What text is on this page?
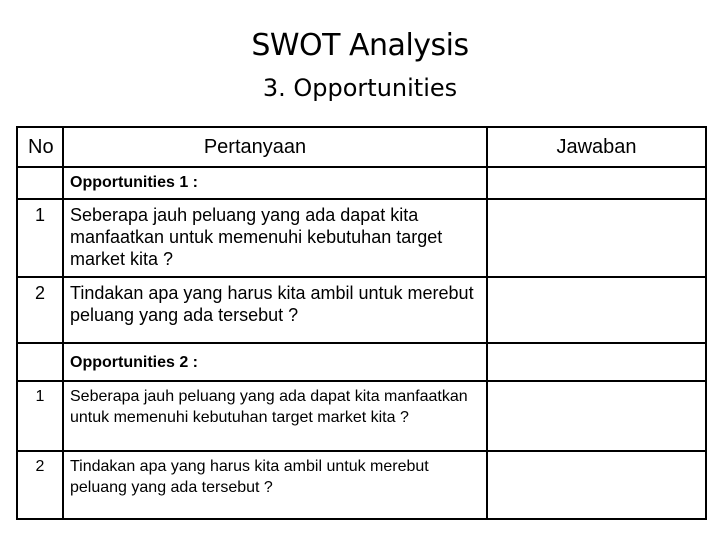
SWOT Analysis
3. Opportunities
No	Pertanyaan	Jawaban
	Opportunities 1 :	
1	Seberapa jauh peluang yang ada dapat kita manfaatkan untuk memenuhi kebutuhan target market kita ?	
2	Tindakan apa yang harus kita ambil untuk merebut peluang yang ada tersebut ?	
	Opportunities 2 :	
1	Seberapa jauh peluang yang ada dapat kita manfaatkan untuk memenuhi kebutuhan target market kita ?	
2	Tindakan apa yang harus kita ambil untuk merebut peluang yang ada tersebut ?	
